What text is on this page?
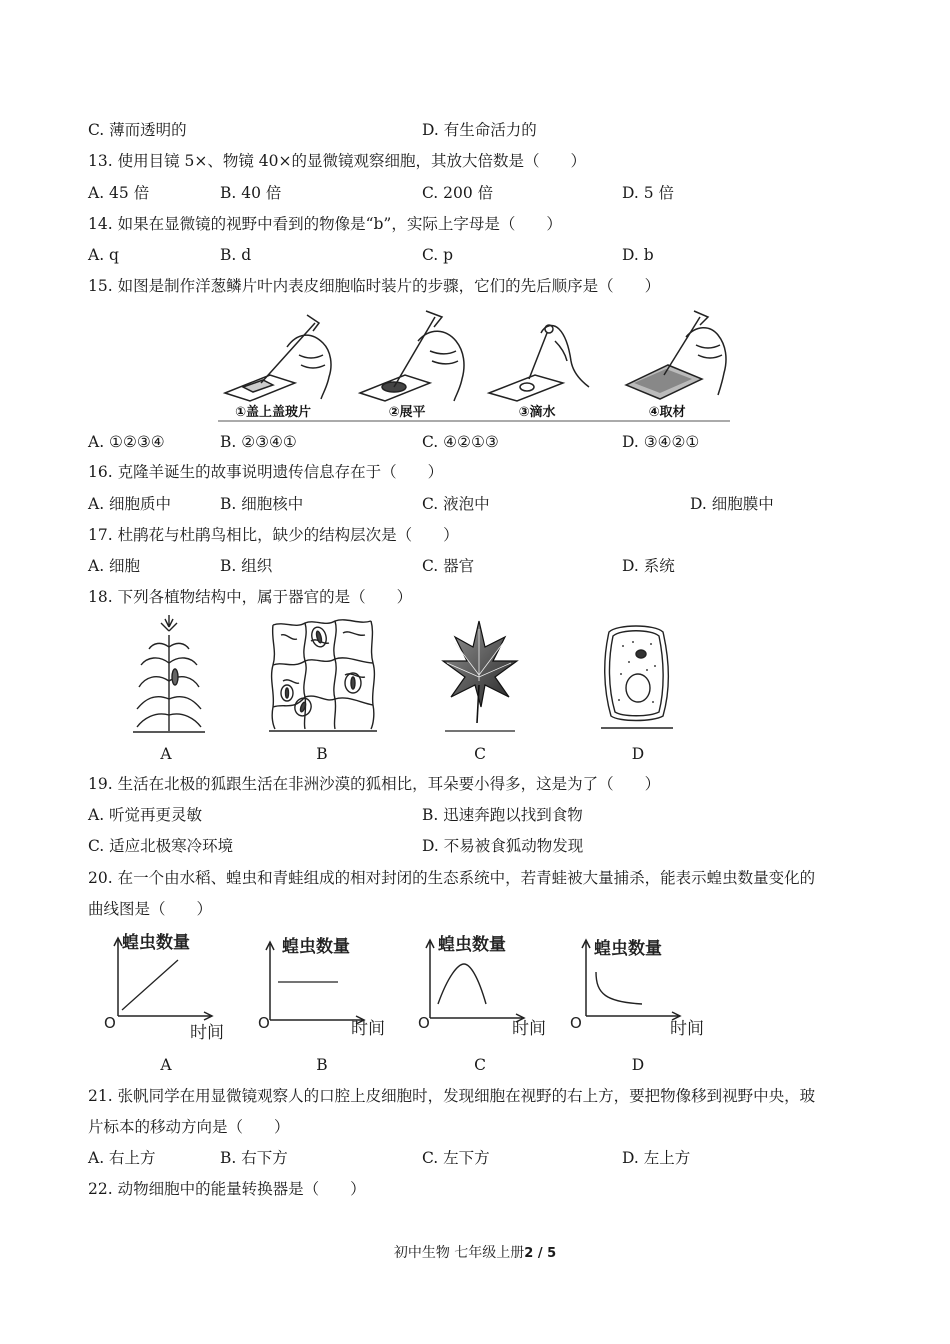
C. 薄而透明的	D. 有生命活力的
13. 使用目镜 5×、物镜 40×的显微镜观察细胞，其放大倍数是（　　）
A. 45 倍	B. 40 倍	C. 200 倍	D. 5 倍
14. 如果在显微镜的视野中看到的物像是“b”，实际上字母是（　　）
A. q	B. d	C. p	D. b
15. 如图是制作洋葱鳞片叶内表皮细胞临时装片的步骤，它们的先后顺序是（　　）
①盖上盖玻片	②展平	③滴水	④取材
A. ①②③④	B. ②③④①	C. ④②①③	D. ③④②①
16. 克隆羊诞生的故事说明遗传信息存在于（　　）
A. 细胞质中	B. 细胞核中	C. 液泡中	D. 细胞膜中
17. 杜鹃花与杜鹃鸟相比，缺少的结构层次是（　　）
A. 细胞	B. 组织	C. 器官	D. 系统
18. 下列各植物结构中，属于器官的是（　　）
A	B	C	D
19. 生活在北极的狐跟生活在非洲沙漠的狐相比，耳朵要小得多，这是为了（　　）
A. 听觉再更灵敏	B. 迅速奔跑以找到食物
C. 适应北极寒冷环境	D. 不易被食狐动物发现
20. 在一个由水稻、蝗虫和青蛙组成的相对封闭的生态系统中，若青蛙被大量捕杀，能表示蝗虫数量变化的
曲线图是（　　）
蝗虫数量
O	时间
蝗虫数量
O	时间
蝗虫数量
O	时间
蝗虫数量
O	时间
A	B	C	D
21. 张帆同学在用显微镜观察人的口腔上皮细胞时，发现细胞在视野的右上方，要把物像移到视野中央，玻
片标本的移动方向是（　　）
A. 右上方	B. 右下方	C. 左下方	D. 左上方
22. 动物细胞中的能量转换器是（　　）
初中生物 七年级上册2 / 5
